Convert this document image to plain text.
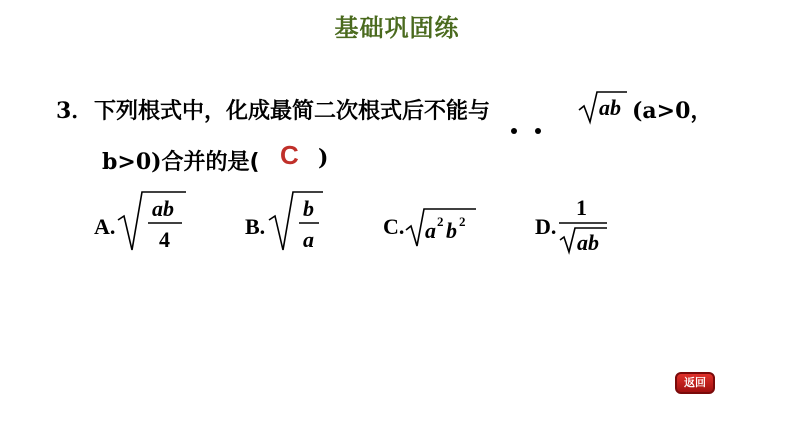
基础巩固练
3．下列根式中，化成最简二次根式后不能与	ab (a>0，
b>0)合并的是( C )
A.
ab
4
B.
b
a
C. a 2 b 2	D.
1
ab
返回
